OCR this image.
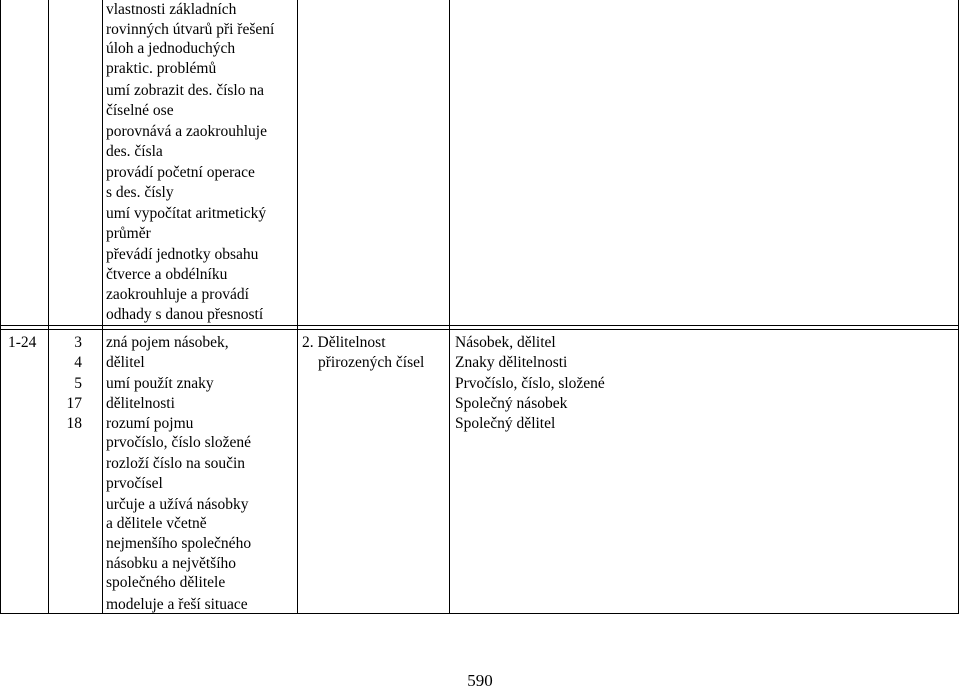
vlastnosti základních
rovinných útvarů při řešení
úloh a jednoduchých
praktic. problémů
umí zobrazit des. číslo na
číselné ose
porovnává a zaokrouhluje
des. čísla
provádí početní operace
s des. čísly
umí vypočítat aritmetický
průměr
převádí jednotky obsahu
čtverce a obdélníku
zaokrouhluje a provádí
odhady s danou přesností
1-24	3
4
5
17
18
zná pojem násobek,
dělitel
umí použít znaky
dělitelnosti
rozumí pojmu
prvočíslo, číslo složené
rozloží číslo na součin
prvočísel
určuje a užívá násobky
a dělitele včetně
nejmenšího společného
násobku a největšího
společného dělitele
modeluje a řeší situace
2. Dělitelnost
přirozených čísel
Násobek, dělitel
Znaky dělitelnosti
Prvočíslo, číslo, složené
Společný násobek
Společný dělitel
590
